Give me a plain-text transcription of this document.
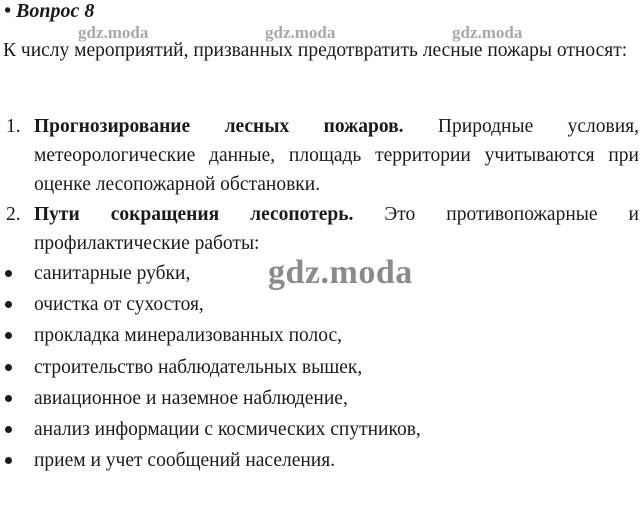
• Вопрос 8
gdz.moda	gdz.moda	gdz.moda
К числу мероприятий, призванных предотвратить лесные пожары относят:
1. Прогнозирование лесных пожаров. Природные условия, метеорологические данные, площадь территории учитываются при оценке лесопожарной обстановки.
2. Пути сокращения лесопотерь. Это противопожарные и профилактические работы:
санитарные рубки,
очистка от сухостоя,
прокладка минерализованных полос,
строительство наблюдательных вышек,
авиационное и наземное наблюдение,
анализ информации с космических спутников,
прием и учет сообщений населения.
gdz.moda
